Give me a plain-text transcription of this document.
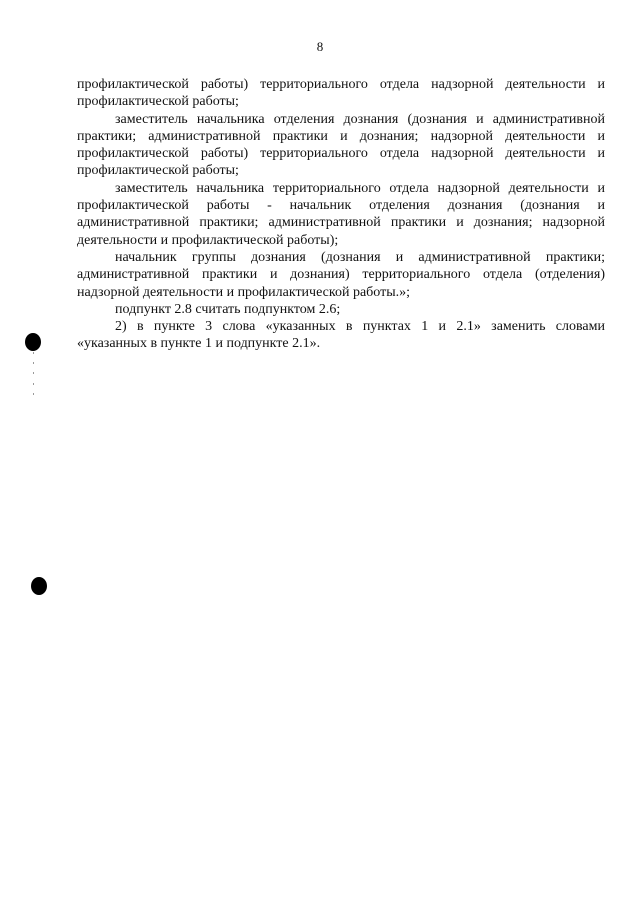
8
профилактической работы) территориального отдела надзорной деятельности и
профилактической работы;
заместитель начальника отделения дознания (дознания и административной
практики; административной практики и дознания; надзорной деятельности и
профилактической работы) территориального отдела надзорной деятельности и
профилактической работы;
заместитель начальника территориального отдела надзорной деятельности и
профилактической работы - начальник отделения дознания (дознания и
административной практики; административной практики и дознания; надзорной
деятельности и профилактической работы);
начальник группы дознания (дознания и административной практики;
административной практики и дознания) территориального отдела (отделения)
надзорной деятельности и профилактической работы.»;
подпункт 2.8 считать подпунктом 2.6;
2) в пункте 3 слова «указанных в пунктах 1 и 2.1» заменить словами
«указанных в пункте 1 и подпункте 2.1».
